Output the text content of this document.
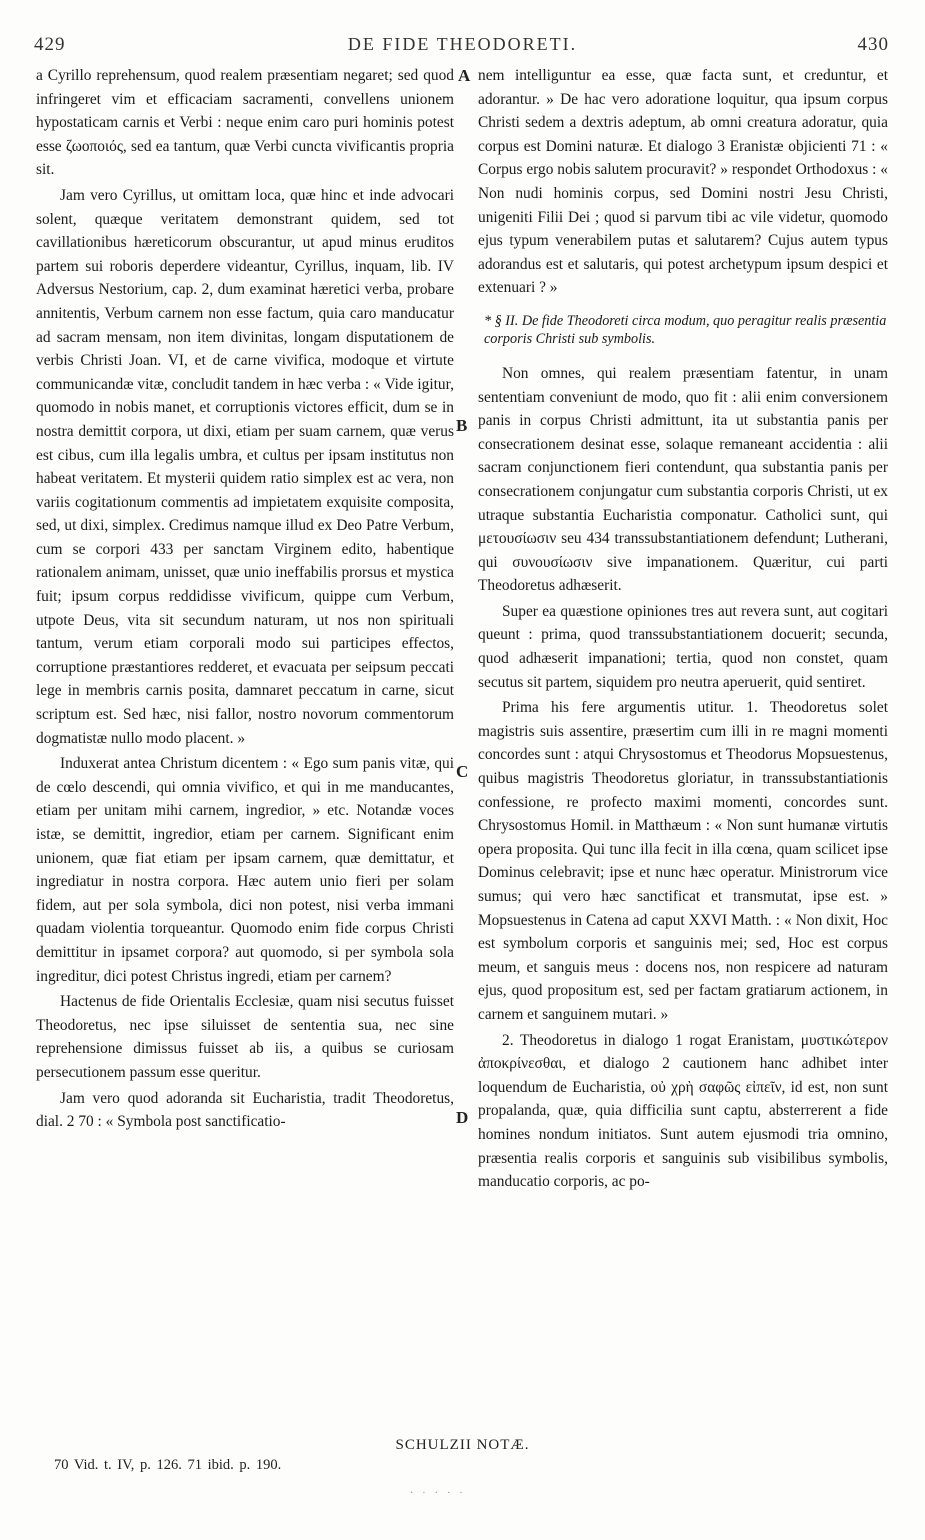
429	DE FIDE THEODORETI.	430

a Cyrillo reprehensum, quod realem præsentiam negaret; sed quod infringeret vim et efficaciam sacramenti, convellens unionem hypostaticam carnis et Verbi : neque enim caro puri hominis potest esse ζωοποιός, sed ea tantum, quæ Verbi cuncta vivificantis propria sit.

Jam vero Cyrillus, ut omittam loca, quæ hinc et inde advocari solent, quæque veritatem demonstrant quidem, sed tot cavillationibus hæreticorum obscurantur, ut apud minus eruditos partem sui roboris deperdere videantur, Cyrillus, inquam, lib. IV Adversus Nestorium, cap. 2, dum examinat hæretici verba, probare annitentis, Verbum carnem non esse factum, quia caro manducatur ad sacram mensam, non item divinitas, longam disputationem de verbis Christi Joan. VI, et de carne vivifica, modoque et virtute communicandæ vitæ, concludit tandem in hæc verba : « Vide igitur, quomodo in nobis manet, et corruptionis victores efficit, dum se in nostra demittit corpora, ut dixi, etiam per suam carnem, quæ verus est cibus, cum illa legalis umbra, et cultus per ipsam institutus non habeat veritatem. Et mysterii quidem ratio simplex est ac vera, non variis cogitationum commentis ad impietatem exquisite composita, sed, ut dixi, simplex. Credimus namque illud ex Deo Patre Verbum, cum se corpori 433 per sanctam Virginem edito, habentique rationalem animam, unisset, quæ unio ineffabilis prorsus et mystica fuit; ipsum corpus reddidisse vivificum, quippe cum Verbum, utpote Deus, vita sit secundum naturam, ut nos non spirituali tantum, verum etiam corporali modo sui participes effectos, corruptione præstantiores redderet, et evacuata per seipsum peccati lege in membris carnis posita, damnaret peccatum in carne, sicut scriptum est. Sed hæc, nisi fallor, nostro novorum commentorum dogmatistæ nullo modo placent. »

Induxerat antea Christum dicentem : « Ego sum panis vitæ, qui de cœlo descendi, qui omnia vivifico, et qui in me manducantes, etiam per unitam mihi carnem, ingredior, » etc. Notandæ voces istæ, se demittit, ingredior, etiam per carnem. Significant enim unionem, quæ fiat etiam per ipsam carnem, quæ demittatur, et ingrediatur in nostra corpora. Hæc autem unio fieri per solam fidem, aut per sola symbola, dici non potest, nisi verba immani quadam violentia torqueantur. Quomodo enim fide corpus Christi demittitur in ipsamet corpora? aut quomodo, si per symbola sola ingreditur, dici potest Christus ingredi, etiam per carnem?

Hactenus de fide Orientalis Ecclesiæ, quam nisi secutus fuisset Theodoretus, nec ipse siluisset de sententia sua, nec sine reprehensione dimissus fuisset ab iis, a quibus se curiosam persecutionem passum esse queritur.

Jam vero quod adoranda sit Eucharistia, tradit Theodoretus, dial. 2 70 : « Symbola post sanctificatio-

nem intelliguntur ea esse, quæ facta sunt, et creduntur, et adorantur. » De hac vero adoratione loquitur, qua ipsum corpus Christi sedem a dextris adeptum, ab omni creatura adoratur, quia corpus est Domini naturæ. Et dialogo 3 Eranistæ objicienti 71 : « Corpus ergo nobis salutem procuravit? » respondet Orthodoxus : « Non nudi hominis corpus, sed Domini nostri Jesu Christi, unigeniti Filii Dei ; quod si parvum tibi ac vile videtur, quomodo ejus typum venerabilem putas et salutarem? Cujus autem typus adorandus est et salutaris, qui potest archetypum ipsum despici et extenuari ? »

* § II. De fide Theodoreti circa modum, quo peragitur realis præsentia corporis Christi sub symbolis.

Non omnes, qui realem præsentiam fatentur, in unam sententiam conveniunt de modo, quo fit : alii enim conversionem panis in corpus Christi admittunt, ita ut substantia panis per consecrationem desinat esse, solaque remaneant accidentia : alii sacram conjunctionem fieri contendunt, qua substantia panis per consecrationem conjungatur cum substantia corporis Christi, ut ex utraque substantia Eucharistia componatur. Catholici sunt, qui μετουσίωσιν seu 434 transsubstantiationem defendunt; Lutherani, qui συνουσίωσιν sive impanationem. Quæritur, cui parti Theodoretus adhæserit.

Super ea quæstione opiniones tres aut revera sunt, aut cogitari queunt : prima, quod transsubstantiationem docuerit; secunda, quod adhæserit impanationi; tertia, quod non constet, quam secutus sit partem, siquidem pro neutra aperuerit, quid sentiret.

Prima his fere argumentis utitur. 1. Theodoretus solet magistris suis assentire, præsertim cum illi in re magni momenti concordes sunt : atqui Chrysostomus et Theodorus Mopsuestenus, quibus magistris Theodoretus gloriatur, in transsubstantiationis confessione, re profecto maximi momenti, concordes sunt. Chrysostomus Homil. in Matthæum : « Non sunt humanæ virtutis opera proposita. Qui tunc illa fecit in illa cœna, quam scilicet ipse Dominus celebravit; ipse et nunc hæc operatur. Ministrorum vice sumus; qui vero hæc sanctificat et transmutat, ipse est. » Mopsuestenus in Catena ad caput XXVI Matth. : « Non dixit, Hoc est symbolum corporis et sanguinis mei; sed, Hoc est corpus meum, et sanguis meus : docens nos, non respicere ad naturam ejus, quod propositum est, sed per factam gratiarum actionem, in carnem et sanguinem mutari. »

2. Theodoretus in dialogo 1 rogat Eranistam, μυστικώτερον ἀποκρίνεσθαι, et dialogo 2 cautionem hanc adhibet inter loquendum de Eucharistia, οὐ χρὴ σαφῶς εἰπεῖν, id est, non sunt propalanda, quæ, quia difficilia sunt captu, absterrerent a fide homines nondum initiatos. Sunt autem ejusmodi tria omnino, præsentia realis corporis et sanguinis sub visibilibus symbolis, manducatio corporis, ac po-

A
B
C
D
SCHULZII NOTÆ.
70 Vid. t. IV, p. 126. 71 ibid. p. 190.
· · · · ·
